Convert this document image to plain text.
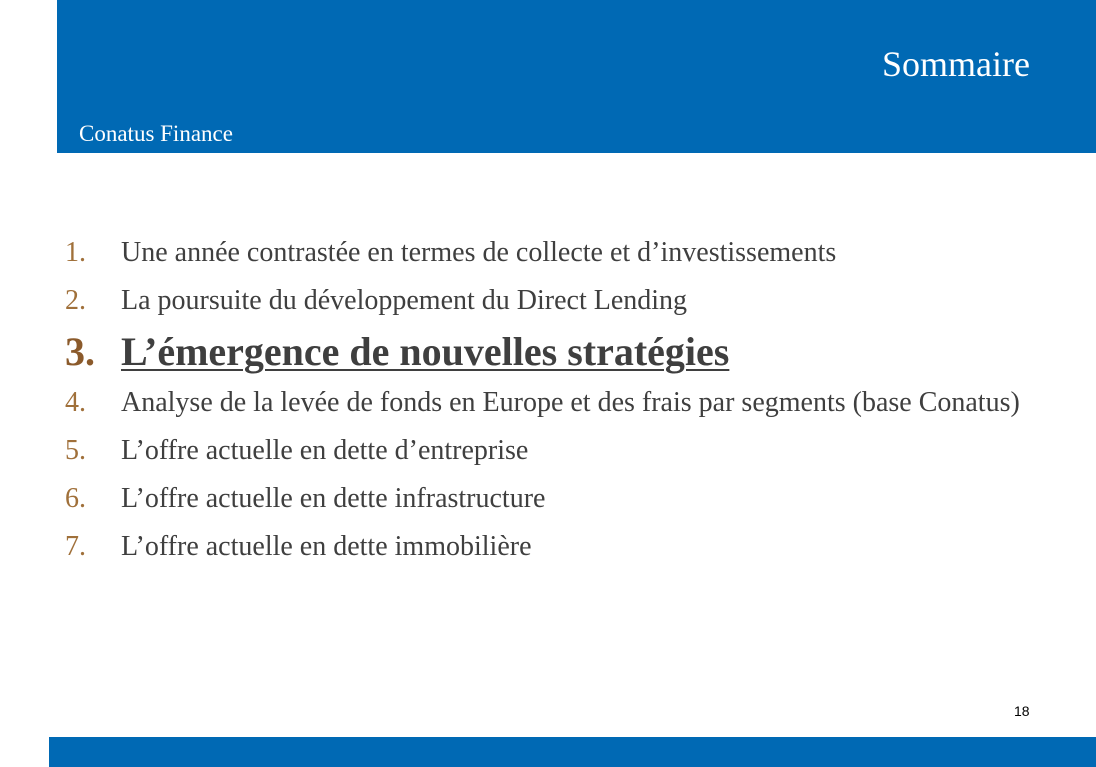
Sommaire
Conatus Finance
1.	Une année contrastée en termes de collecte et d’investissements
2.	La poursuite du développement du Direct Lending
3. L’émergence de nouvelles stratégies
4.	Analyse de la levée de fonds en Europe et des frais par segments (base Conatus)
5.	L’offre actuelle en dette d’entreprise
6.	L’offre actuelle en dette infrastructure
7.	L’offre actuelle en dette immobilière
18
